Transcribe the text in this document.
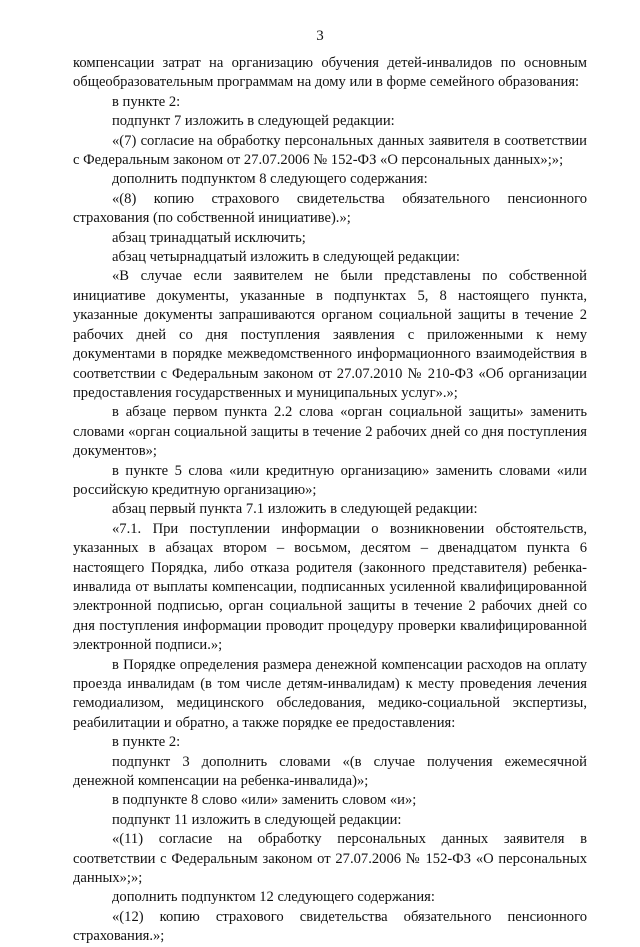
3

компенсации затрат на организацию обучения детей-инвалидов по основным общеобразовательным программам на дому или в форме семейного образования:

в пункте 2:

подпункт 7 изложить в следующей редакции:

«(7) согласие на обработку персональных данных заявителя в соответствии с Федеральным законом от 27.07.2006 № 152-ФЗ «О персональных данных»;»;

дополнить подпунктом 8 следующего содержания:

«(8) копию страхового свидетельства обязательного пенсионного страхования (по собственной инициативе).»;

абзац тринадцатый исключить;

абзац четырнадцатый изложить в следующей редакции:

«В случае если заявителем не были представлены по собственной инициативе документы, указанные в подпунктах 5, 8 настоящего пункта, указанные документы запрашиваются органом социальной защиты в течение 2 рабочих дней со дня поступления заявления с приложенными к нему документами в порядке межведомственного информационного взаимодействия в соответствии с Федеральным законом от 27.07.2010 № 210-ФЗ «Об организации предоставления государственных и муниципальных услуг».»;

в абзаце первом пункта 2.2 слова «орган социальной защиты» заменить словами «орган социальной защиты в течение 2 рабочих дней со дня поступления документов»;

в пункте 5 слова «или кредитную организацию» заменить словами «или российскую кредитную организацию»;

абзац первый пункта 7.1 изложить в следующей редакции:

«7.1. При поступлении информации о возникновении обстоятельств, указанных в абзацах втором – восьмом, десятом – двенадцатом пункта 6 настоящего Порядка, либо отказа родителя (законного представителя) ребенка-инвалида от выплаты компенсации, подписанных усиленной квалифицированной электронной подписью, орган социальной защиты в течение 2 рабочих дней со дня поступления информации проводит процедуру проверки квалифицированной электронной подписи.»;

в Порядке определения размера денежной компенсации расходов на оплату проезда инвалидам (в том числе детям-инвалидам) к месту проведения лечения гемодиализом, медицинского обследования, медико-социальной экспертизы, реабилитации и обратно, а также порядке ее предоставления:

в пункте 2:

подпункт 3 дополнить словами «(в случае получения ежемесячной денежной компенсации на ребенка-инвалида)»;

в подпункте 8 слово «или» заменить словом «и»;

подпункт 11 изложить в следующей редакции:

«(11) согласие на обработку персональных данных заявителя в соответствии с Федеральным законом от 27.07.2006 № 152-ФЗ «О персональных данных»;»;

дополнить подпунктом 12 следующего содержания:

«(12) копию страхового свидетельства обязательного пенсионного страхования.»;
